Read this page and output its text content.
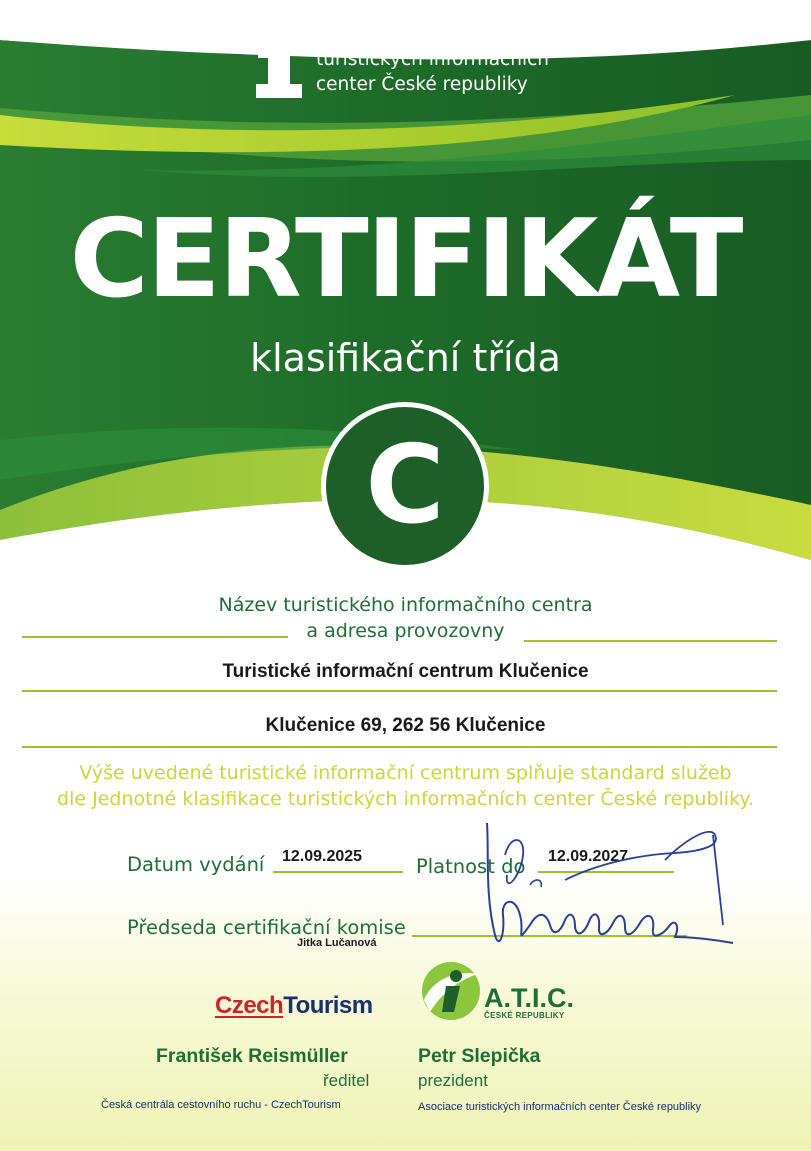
Jednotná klasifikace
turistických informačních
center České republiky
CERTIFIKÁT
klasifikační třída
C
Název turistického informačního centra
a adresa provozovny
Turistické informační centrum Klučenice
Klučenice 69, 262 56 Klučenice
Výše uvedené turistické informační centrum splňuje standard služeb
dle Jednotné klasifikace turistických informačních center České republiky.
Datum vydání 12.09.2025	Platnost do 12.09.2027
Předseda certifikační komise
Jitka Lučanová
CzechTourism	A.T.I.C.
ČESKÉ REPUBLIKY
František Reismüller
ředitel
Česká centrála cestovního ruchu - CzechTourism
Petr Slepička
prezident
Asociace turistických informačních center České republiky
